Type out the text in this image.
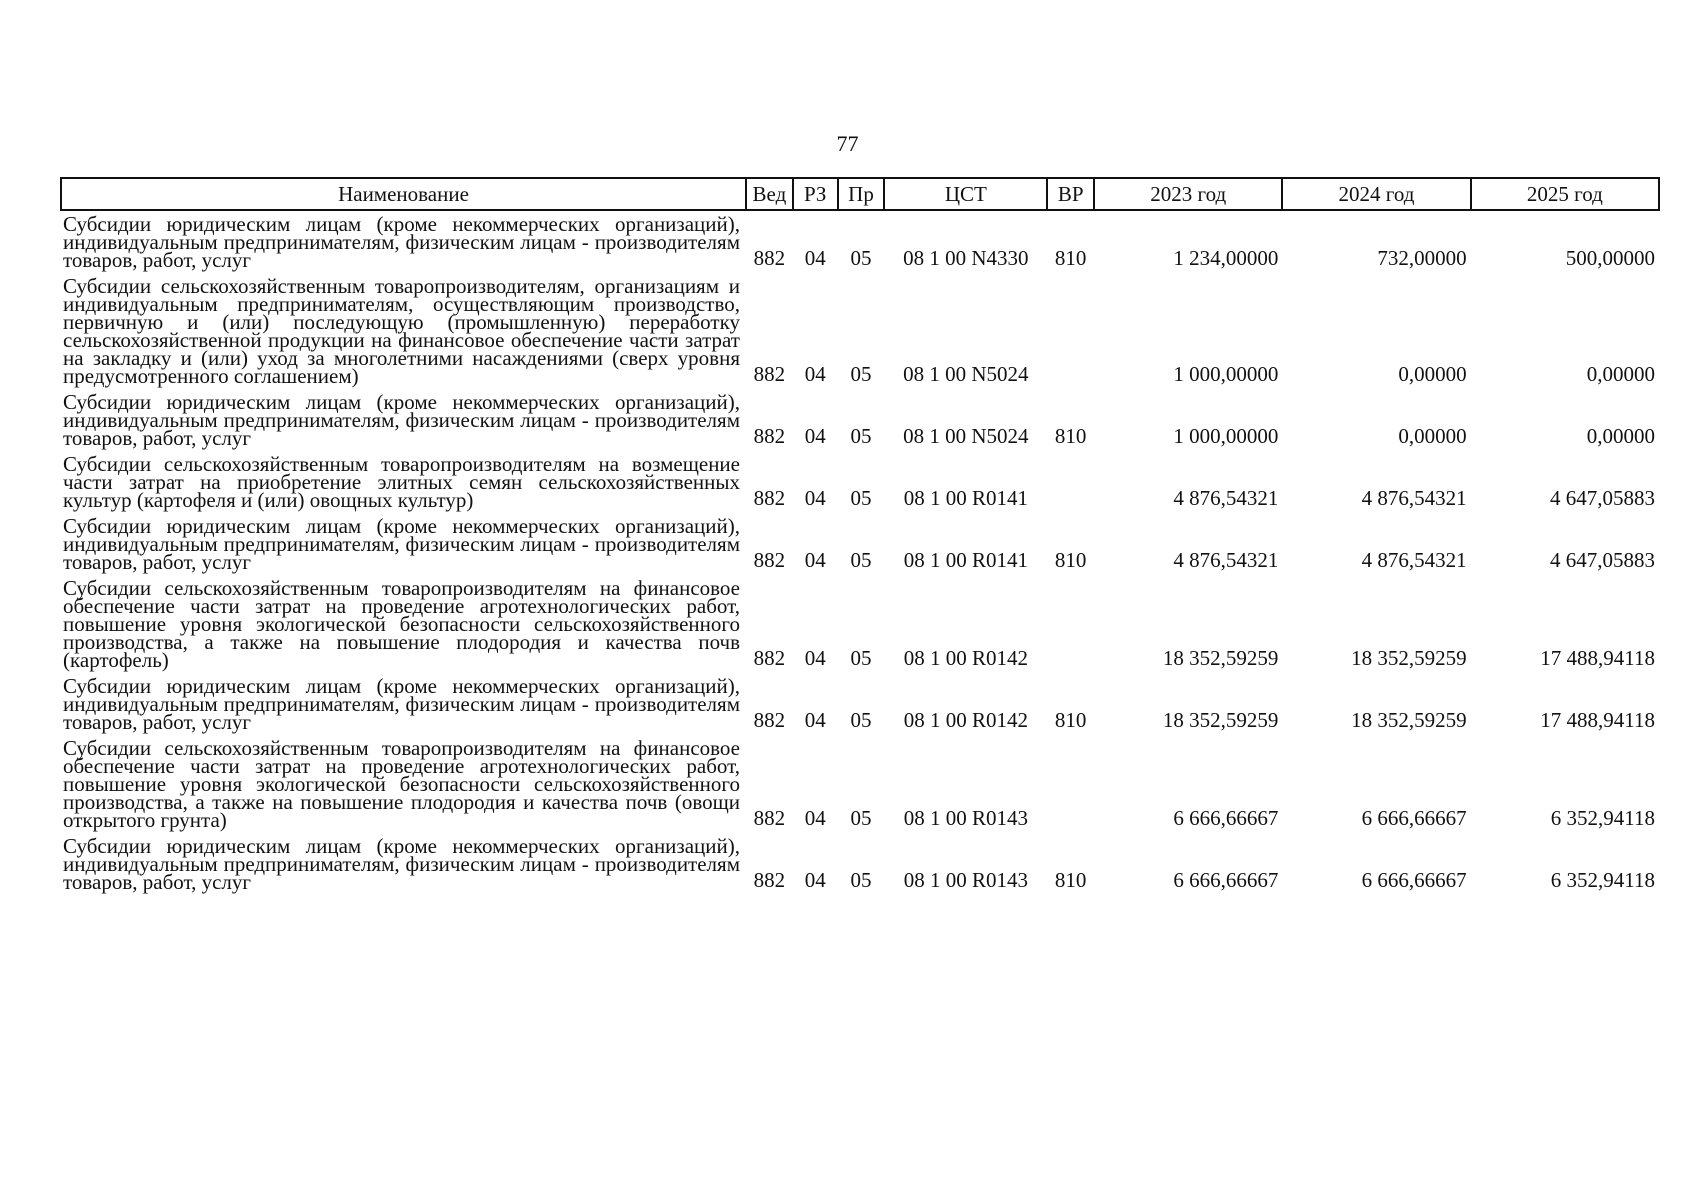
77
Наименование	Вед	РЗ	Пр	ЦСТ	ВР	2023 год	2024 год	2025 год
Субсидии юридическим лицам (кроме некоммерческих организаций), индивидуальным предпринимателям, физическим лицам - производителям товаров, работ, услуг	882	04	05	08 1 00 N4330	810	1 234,00000	732,00000	500,00000
Субсидии сельскохозяйственным товаропроизводителям, организациям и индивидуальным предпринимателям, осуществляющим производство, первичную и (или) последующую (промышленную) переработку сельскохозяйственной продукции на финансовое обеспечение части затрат на закладку и (или) уход за многолетними насаждениями (сверх уровня предусмотренного соглашением)	882	04	05	08 1 00 N5024		1 000,00000	0,00000	0,00000
Субсидии юридическим лицам (кроме некоммерческих организаций), индивидуальным предпринимателям, физическим лицам - производителям товаров, работ, услуг	882	04	05	08 1 00 N5024	810	1 000,00000	0,00000	0,00000
Субсидии сельскохозяйственным товаропроизводителям на возмещение части затрат на приобретение элитных семян сельскохозяйственных культур (картофеля и (или) овощных культур)	882	04	05	08 1 00 R0141		4 876,54321	4 876,54321	4 647,05883
Субсидии юридическим лицам (кроме некоммерческих организаций), индивидуальным предпринимателям, физическим лицам - производителям товаров, работ, услуг	882	04	05	08 1 00 R0141	810	4 876,54321	4 876,54321	4 647,05883
Субсидии сельскохозяйственным товаропроизводителям на финансовое обеспечение части затрат на проведение агротехнологических работ, повышение уровня экологической безопасности сельскохозяйственного производства, а также на повышение плодородия и качества почв (картофель)	882	04	05	08 1 00 R0142		18 352,59259	18 352,59259	17 488,94118
Субсидии юридическим лицам (кроме некоммерческих организаций), индивидуальным предпринимателям, физическим лицам - производителям товаров, работ, услуг	882	04	05	08 1 00 R0142	810	18 352,59259	18 352,59259	17 488,94118
Субсидии сельскохозяйственным товаропроизводителям на финансовое обеспечение части затрат на проведение агротехнологических работ, повышение уровня экологической безопасности сельскохозяйственного производства, а также на повышение плодородия и качества почв (овощи открытого грунта)	882	04	05	08 1 00 R0143		6 666,66667	6 666,66667	6 352,94118
Субсидии юридическим лицам (кроме некоммерческих организаций), индивидуальным предпринимателям, физическим лицам - производителям товаров, работ, услуг	882	04	05	08 1 00 R0143	810	6 666,66667	6 666,66667	6 352,94118
